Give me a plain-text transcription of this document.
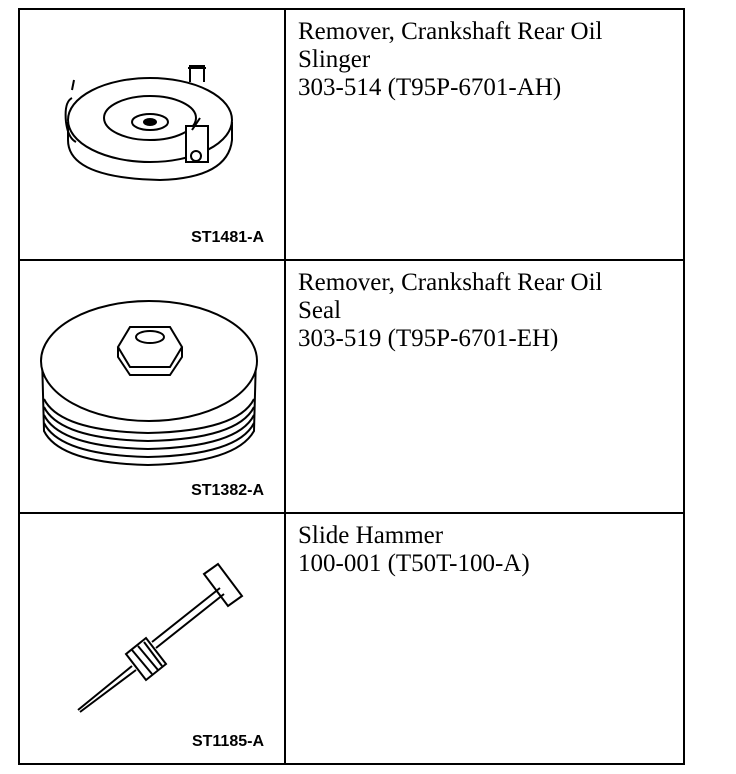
ST1481-A	Remover, Crankshaft Rear Oil
Slinger
303-514 (T95P-6701-AH)

ST1382-A	Remover, Crankshaft Rear Oil
Seal
303-519 (T95P-6701-EH)

ST1185-A	Slide Hammer
100-001 (T50T-100-A)
